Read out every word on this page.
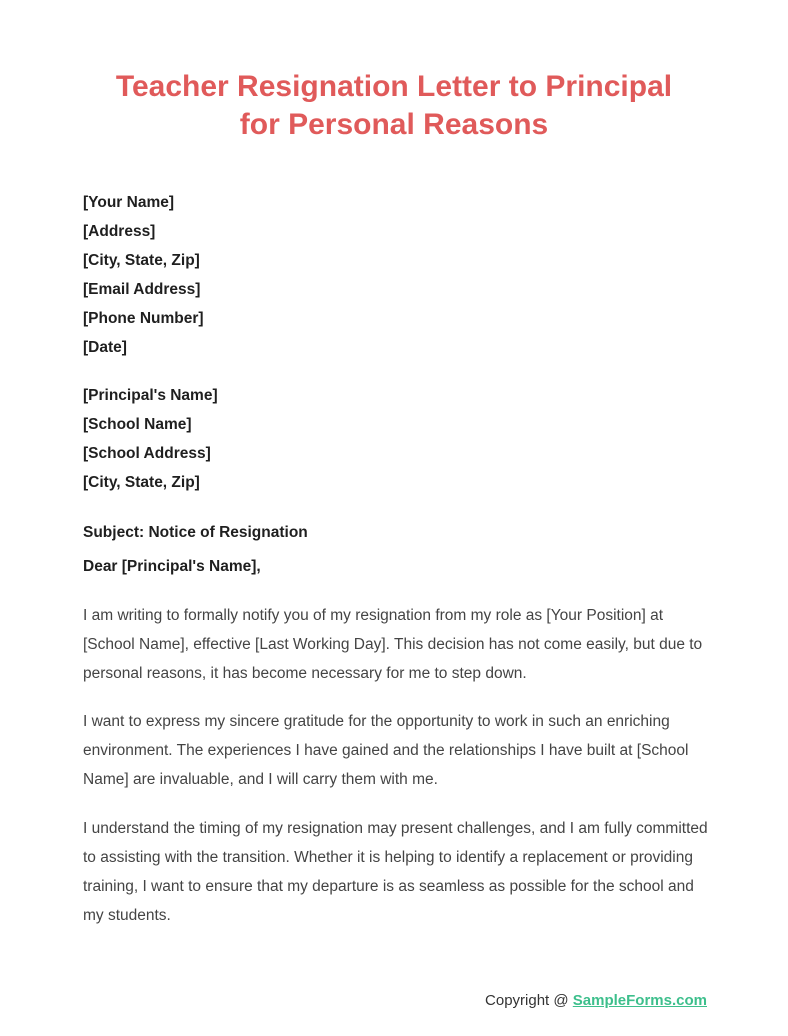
Teacher Resignation Letter to Principal
for Personal Reasons
[Your Name]
[Address]
[City, State, Zip]
[Email Address]
[Phone Number]
[Date]
[Principal's Name]
[School Name]
[School Address]
[City, State, Zip]

Subject: Notice of Resignation

Dear [Principal's Name],

I am writing to formally notify you of my resignation from my role as [Your Position] at [School Name], effective [Last Working Day]. This decision has not come easily, but due to personal reasons, it has become necessary for me to step down.

I want to express my sincere gratitude for the opportunity to work in such an enriching environment. The experiences I have gained and the relationships I have built at [School Name] are invaluable, and I will carry them with me.

I understand the timing of my resignation may present challenges, and I am fully committed to assisting with the transition. Whether it is helping to identify a replacement or providing training, I want to ensure that my departure is as seamless as possible for the school and my students.

Copyright @ SampleForms.com
